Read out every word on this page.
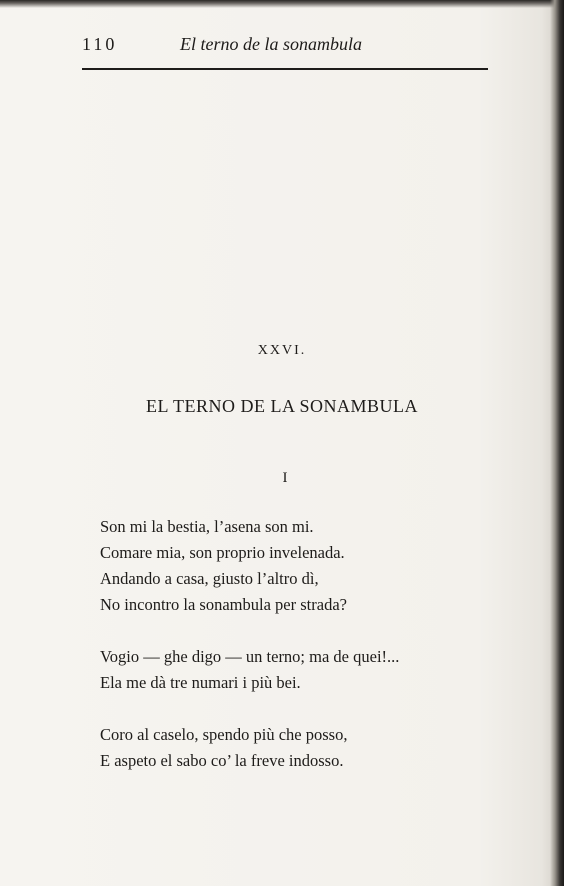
110	El terno de la sonambula
XXVI.
EL TERNO DE LA SONAMBULA
I
Son mi la bestia, l’asena son mi.
Comare mia, son proprio invelenada.
Andando a casa, giusto l’altro dì,
No incontro la sonambula per strada?
Vogio — ghe digo — un terno; ma de quei!...
Ela me dà tre numari i più bei.
Coro al caselo, spendo più che posso,
E aspeto el sabo co’ la freve indosso.
